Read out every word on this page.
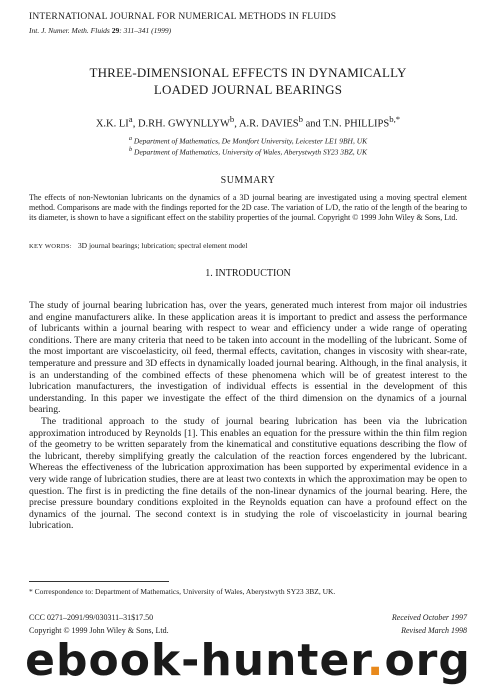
INTERNATIONAL JOURNAL FOR NUMERICAL METHODS IN FLUIDS
Int. J. Numer. Meth. Fluids 29: 311–341 (1999)
THREE-DIMENSIONAL EFFECTS IN DYNAMICALLY
LOADED JOURNAL BEARINGS
X.K. $LI^a$, D.RH. GWYNLLYW$^b$, A.R. DAVIES$^b$ and T.N. $PHILLIPS^{b,*}$
$^a$ Department of Mathematics, De Montfort University, Leicester LE1 9BH, UK
$^b$ Department of Mathematics, University of Wales, Aberystwyth SY23 3BZ, UK
SUMMARY
The effects of non-Newtonian lubricants on the dynamics of a 3D journal bearing are investigated using a moving spectral element method. Comparisons are made with the findings reported for the 2D case. The variation of L/D, the ratio of the length of the bearing to its diameter, is shown to have a significant effect on the stability properties of the journal. Copyright © 1999 John Wiley & Sons, Ltd.
KEY WORDS: 3D journal bearings; lubrication; spectral element model
1. INTRODUCTION

The study of journal bearing lubrication has, over the years, generated much interest from major oil industries and engine manufacturers alike. In these application areas it is important to predict and assess the performance of lubricants within a journal bearing with respect to wear and efficiency under a wide range of operating conditions. There are many criteria that need to be taken into account in the modelling of the lubricant. Some of the most important are viscoelasticity, oil feed, thermal effects, cavitation, changes in viscosity with shear-rate, temperature and pressure and 3D effects in dynamically loaded journal bearing. Although, in the final analysis, it is an understanding of the combined effects of these phenomena which will be of greatest interest to the lubrication manufacturers, the investigation of individual effects is essential in the development of this understanding. In this paper we investigate the effect of the third dimension on the dynamics of a journal bearing.

The traditional approach to the study of journal bearing lubrication has been via the lubrication approximation introduced by Reynolds [1]. This enables an equation for the pressure within the thin film region of the geometry to be written separately from the kinematical and constitutive equations describing the flow of the lubricant, thereby simplifying greatly the calculation of the reaction forces engendered by the lubricant. Whereas the effectiveness of the lubrication approximation has been supported by experimental evidence in a very wide range of lubrication studies, there are at least two contexts in which the approximation may be open to question. The first is in predicting the fine details of the non-linear dynamics of the journal bearing. Here, the precise pressure boundary conditions exploited in the Reynolds equation can have a profound effect on the dynamics of the journal. The second context is in studying the role of viscoelasticity in journal bearing lubrication.

* Correspondence to: Department of Mathematics, University of Wales, Aberystwyth SY23 3BZ, UK.
CCC 0271–2091/99/030311–31$17.50
Copyright © 1999 John Wiley & Sons, Ltd.
Received October 1997
Revised March 1998
ebook-hunter.org
